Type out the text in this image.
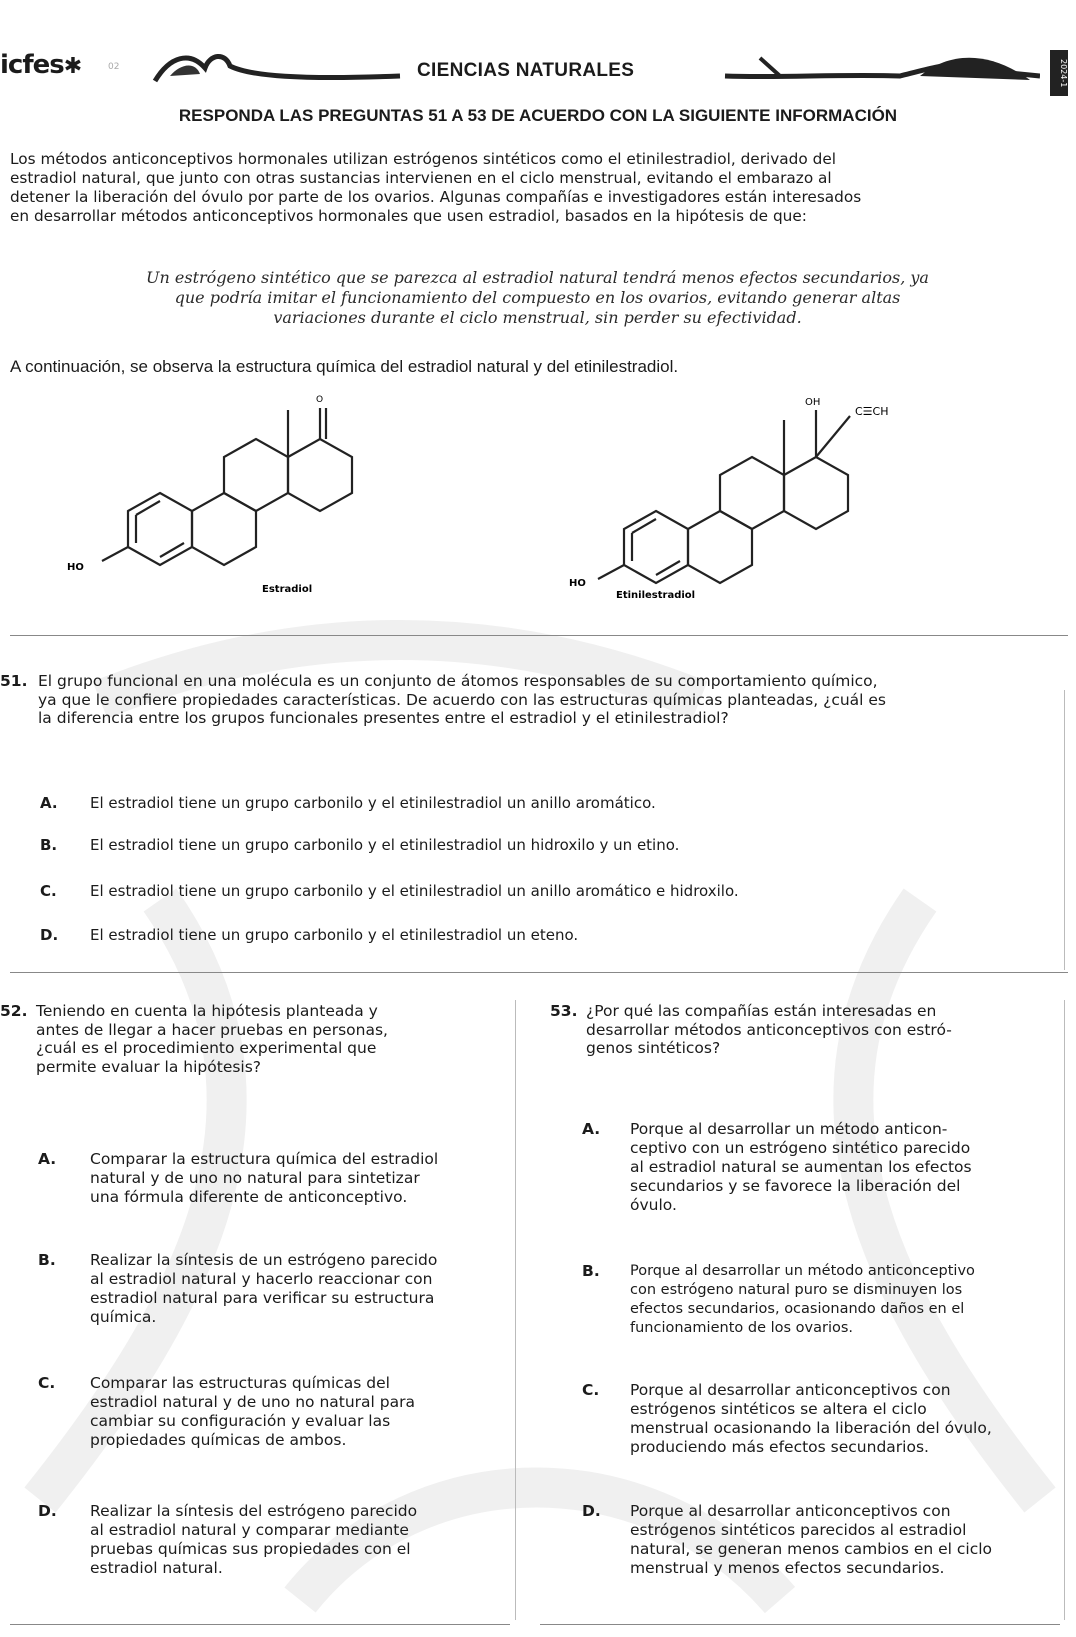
icfes✱	02	CIENCIAS NATURALES	2024-1
RESPONDA LAS PREGUNTAS 51 A 53 DE ACUERDO CON LA SIGUIENTE INFORMACIÓN
Los métodos anticonceptivos hormonales utilizan estrógenos sintéticos como el etinilestradiol, derivado del
estradiol natural, que junto con otras sustancias intervienen en el ciclo menstrual, evitando el embarazo al
detener la liberación del óvulo por parte de los ovarios. Algunas compañías e investigadores están interesados
en desarrollar métodos anticonceptivos hormonales que usen estradiol, basados en la hipótesis de que:
Un estrógeno sintético que se parezca al estradiol natural tendrá menos efectos secundarios, ya
que podría imitar el funcionamiento del compuesto en los ovarios, evitando generar altas
variaciones durante el ciclo menstrual, sin perder su efectividad.
A continuación, se observa la estructura química del estradiol natural y del etinilestradiol.
HO
O
Estradiol
HO
OH
C☰CH
Etinilestradiol
51. El grupo funcional en una molécula es un conjunto de átomos responsables de su comportamiento químico,
ya que le confiere propiedades características. De acuerdo con las estructuras químicas planteadas, ¿cuál es
la diferencia entre los grupos funcionales presentes entre el estradiol y el etinilestradiol?
A. El estradiol tiene un grupo carbonilo y el etinilestradiol un anillo aromático.
B. El estradiol tiene un grupo carbonilo y el etinilestradiol un hidroxilo y un etino.
C. El estradiol tiene un grupo carbonilo y el etinilestradiol un anillo aromático e hidroxilo.
D. El estradiol tiene un grupo carbonilo y el etinilestradiol un eteno.
52. Teniendo en cuenta la hipótesis planteada y
antes de llegar a hacer pruebas en personas,
¿cuál es el procedimiento experimental que
permite evaluar la hipótesis?
A. Comparar la estructura química del estradiol
natural y de uno no natural para sintetizar
una fórmula diferente de anticonceptivo.
B. Realizar la síntesis de un estrógeno parecido
al estradiol natural y hacerlo reaccionar con
estradiol natural para verificar su estructura
química.
C. Comparar las estructuras químicas del
estradiol natural y de uno no natural para
cambiar su configuración y evaluar las
propiedades químicas de ambos.
D. Realizar la síntesis del estrógeno parecido
al estradiol natural y comparar mediante
pruebas químicas sus propiedades con el
estradiol natural.
53. ¿Por qué las compañías están interesadas en
desarrollar métodos anticonceptivos con estró-
genos sintéticos?
A. Porque al desarrollar un método anticon-
ceptivo con un estrógeno sintético parecido
al estradiol natural se aumentan los efectos
secundarios y se favorece la liberación del
óvulo.
B. Porque al desarrollar un método anticonceptivo
con estrógeno natural puro se disminuyen los
efectos secundarios, ocasionando daños en el
funcionamiento de los ovarios.
C. Porque al desarrollar anticonceptivos con
estrógenos sintéticos se altera el ciclo
menstrual ocasionando la liberación del óvulo,
produciendo más efectos secundarios.
D. Porque al desarrollar anticonceptivos con
estrógenos sintéticos parecidos al estradiol
natural, se generan menos cambios en el ciclo
menstrual y menos efectos secundarios.
